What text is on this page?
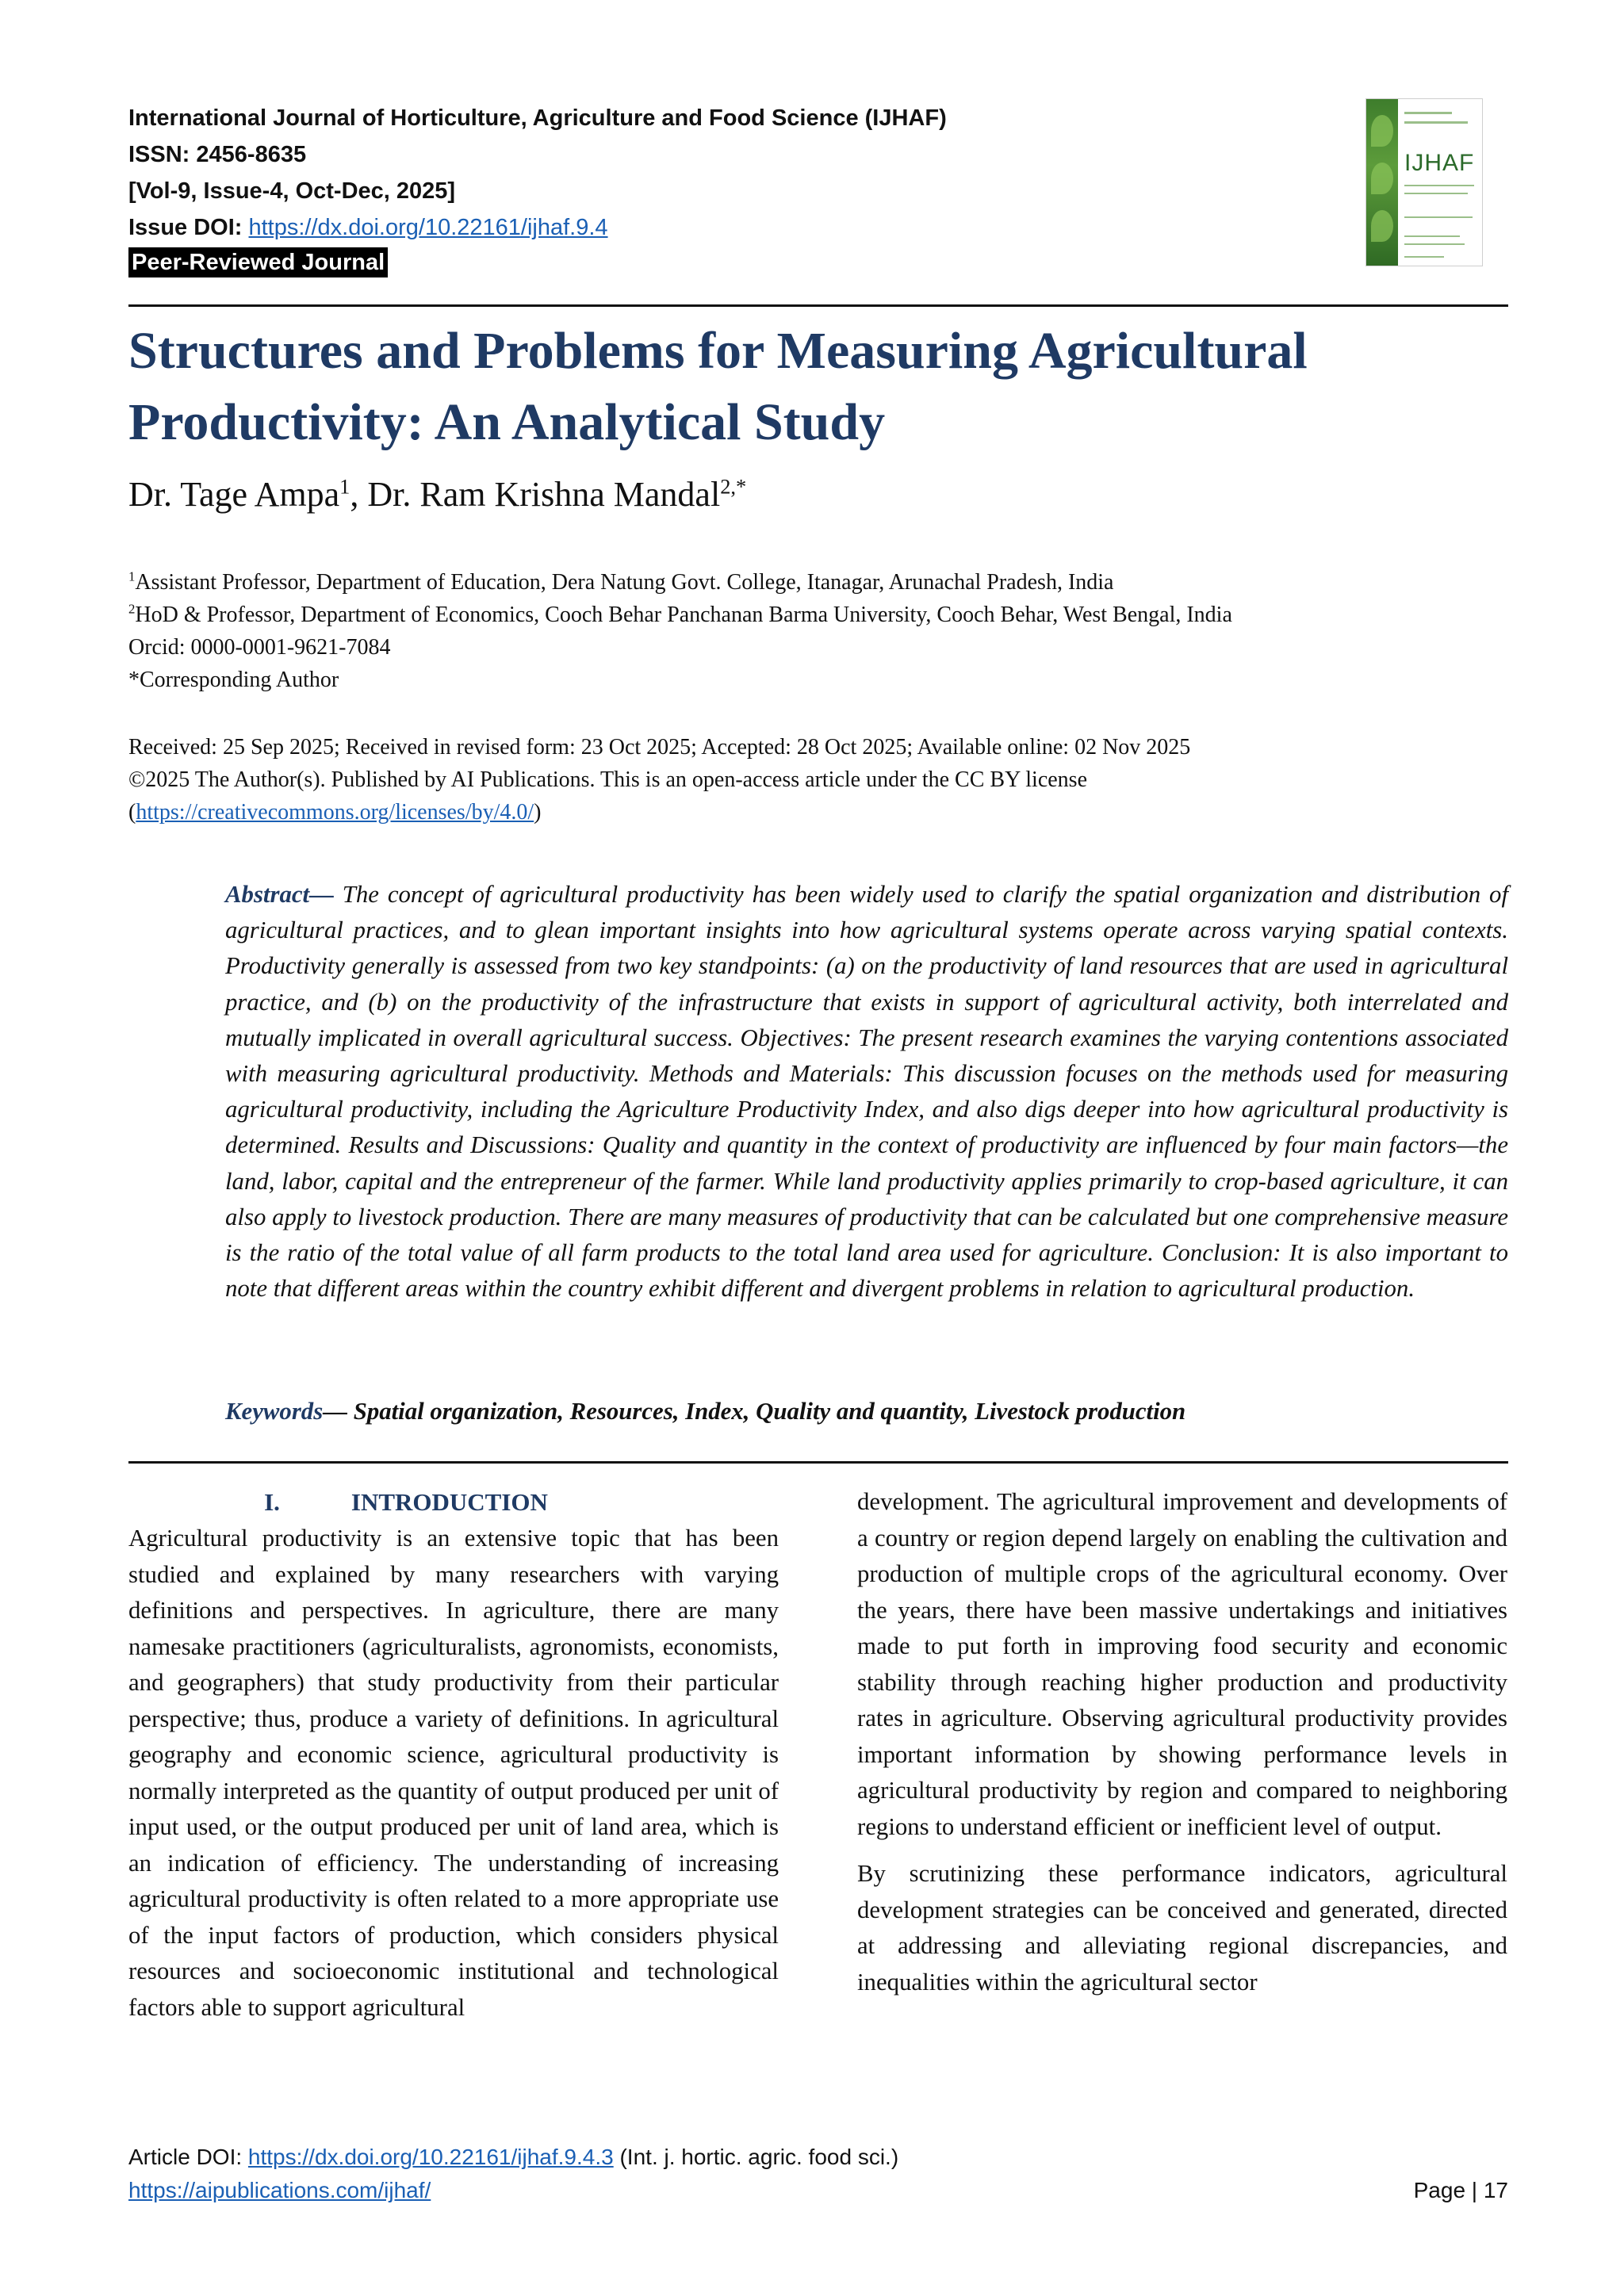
International Journal of Horticulture, Agriculture and Food Science (IJHAF)
ISSN: 2456-8635
[Vol-9, Issue-4, Oct-Dec, 2025]
Issue DOI: https://dx.doi.org/10.22161/ijhaf.9.4
Peer-Reviewed Journal
IJHAF
Structures and Problems for Measuring Agricultural Productivity: An Analytical Study
Dr. Tage Ampa$^1$, Dr. Ram Krishna Mandal$^{2,*}$
$^1$Assistant Professor, Department of Education, Dera Natung Govt. College, Itanagar, Arunachal Pradesh, India
$^2$HoD & Professor, Department of Economics, Cooch Behar Panchanan Barma University, Cooch Behar, West Bengal, India
Orcid: 0000-0001-9621-7084
*Corresponding Author
Received: 25 Sep 2025; Received in revised form: 23 Oct 2025; Accepted: 28 Oct 2025; Available online: 02 Nov 2025
©2025 The Author(s). Published by AI Publications. This is an open-access article under the CC BY license
(https://creativecommons.org/licenses/by/4.0/)
Abstract— The concept of agricultural productivity has been widely used to clarify the spatial organization and distribution of agricultural practices, and to glean important insights into how agricultural systems operate across varying spatial contexts. Productivity generally is assessed from two key standpoints: (a) on the productivity of land resources that are used in agricultural practice, and (b) on the productivity of the infrastructure that exists in support of agricultural activity, both interrelated and mutually implicated in overall agricultural success. Objectives: The present research examines the varying contentions associated with measuring agricultural productivity. Methods and Materials: This discussion focuses on the methods used for measuring agricultural productivity, including the Agriculture Productivity Index, and also digs deeper into how agricultural productivity is determined. Results and Discussions: Quality and quantity in the context of productivity are influenced by four main factors—the land, labor, capital and the entrepreneur of the farmer. While land productivity applies primarily to crop-based agriculture, it can also apply to livestock production. There are many measures of productivity that can be calculated but one comprehensive measure is the ratio of the total value of all farm products to the total land area used for agriculture. Conclusion: It is also important to note that different areas within the country exhibit different and divergent problems in relation to agricultural production.
Keywords— Spatial organization, Resources, Index, Quality and quantity, Livestock production
I.	INTRODUCTION

Agricultural productivity is an extensive topic that has been studied and explained by many researchers with varying definitions and perspectives. In agriculture, there are many namesake practitioners (agriculturalists, agronomists, economists, and geographers) that study productivity from their particular perspective; thus, produce a variety of definitions. In agricultural geography and economic science, agricultural productivity is normally interpreted as the quantity of output produced per unit of input used, or the output produced per unit of land area, which is an indication of efficiency. The understanding of increasing agricultural productivity is often related to a more appropriate use of the input factors of production, which considers physical resources and socioeconomic institutional and technological factors able to support agricultural

development. The agricultural improvement and developments of a country or region depend largely on enabling the cultivation and production of multiple crops of the agricultural economy. Over the years, there have been massive undertakings and initiatives made to put forth in improving food security and economic stability through reaching higher production and productivity rates in agriculture. Observing agricultural productivity provides important information by showing performance levels in agricultural productivity by region and compared to neighboring regions to understand efficient or inefficient level of output.

By scrutinizing these performance indicators, agricultural development strategies can be conceived and generated, directed at addressing and alleviating regional discrepancies, and inequalities within the agricultural sector

Article DOI: https://dx.doi.org/10.22161/ijhaf.9.4.3 (Int. j. hortic. agric. food sci.)
https://aipublications.com/ijhaf/	Page | 17
